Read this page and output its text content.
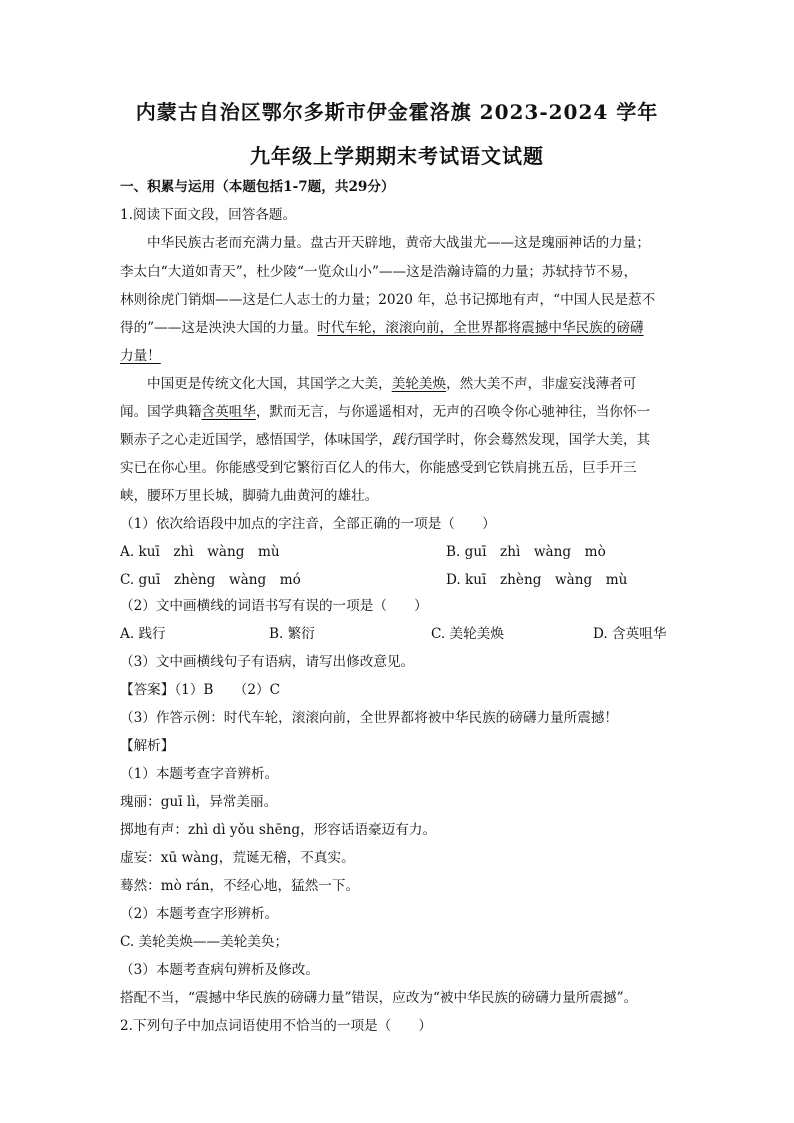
内蒙古自治区鄂尔多斯市伊金霍洛旗 2023-2024 学年
九年级上学期期末考试语文试题
一、积累与运用（本题包括1-7题，共29分）
1.阅读下面文段，回答各题。
中华民族古老而充满力量。盘古开天辟地，黄帝大战蚩尤——这是瑰丽神话的力量；
李太白“大道如青天”，杜少陵“一览众山小”——这是浩瀚诗篇的力量；苏轼持节不易，
林则徐虎门销烟——这是仁人志士的力量；2020 年，总书记掷地有声，“中国人民是惹不
得的”——这是泱泱大国的力量。时代车轮，滚滚向前，全世界都将震撼中华民族的磅礴
力量！
中国更是传统文化大国，其国学之大美，美轮美焕，然大美不声，非虚妄浅薄者可
闻。国学典籍含英咀华，默而无言，与你遥遥相对，无声的召唤令你心驰神往，当你怀一
颗赤子之心走近国学，感悟国学，体味国学，践行国学时，你会蓦然发现，国学大美，其
实已在你心里。你能感受到它繁衍百亿人的伟大，你能感受到它铁肩挑五岳，巨手开三
峡，腰环万里长城，脚骑九曲黄河的雄壮。
（1）依次给语段中加点的字注音，全部正确的一项是（　　）
A. kuī　zhì　wàng　mù	B. guī　zhì　wàng　mò
C. guī　zhèng　wàng　mó	D. kuī　zhèng　wàng　mù
（2）文中画横线的词语书写有误的一项是（　　）
A. 践行	B. 繁衍	C. 美轮美焕	D. 含英咀华
（3）文中画横线句子有语病，请写出修改意见。
【答案】（1）B　　（2）C
（3）作答示例：时代车轮，滚滚向前，全世界都将被中华民族的磅礴力量所震撼！
【解析】
（1）本题考查字音辨析。
瑰丽：guī lì，异常美丽。
掷地有声：zhì dì yǒu shēng，形容话语豪迈有力。
虚妄：xū wàng，荒诞无稽，不真实。
蓦然：mò rán，不经心地，猛然一下。
（2）本题考查字形辨析。
C. 美轮美焕——美轮美奂；
（3）本题考查病句辨析及修改。
搭配不当，“震撼中华民族的磅礴力量”错误，应改为“被中华民族的磅礴力量所震撼”。
2.下列句子中加点词语使用不恰当的一项是（　　）
